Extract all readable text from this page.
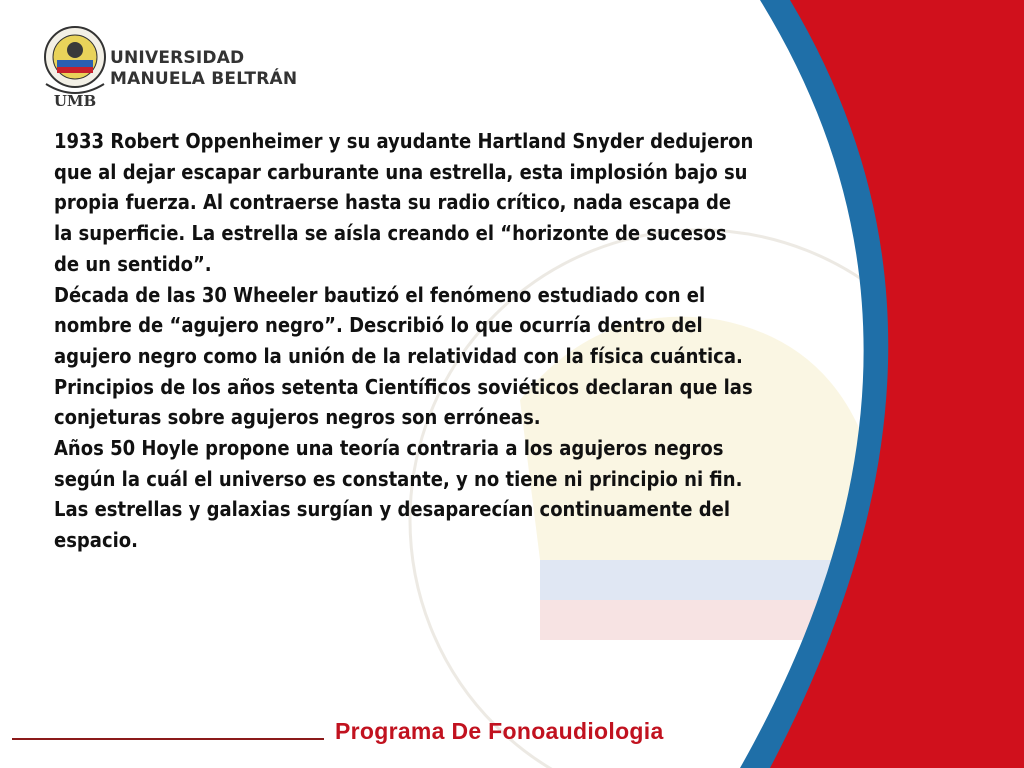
UMB
UNIVERSIDAD
MANUELA BELTRÁN

1933 Robert Oppenheimer y su ayudante Hartland Snyder dedujeron que al dejar escapar carburante una estrella, esta implosión bajo su propia fuerza. Al contraerse hasta su radio crítico, nada escapa de la superficie. La estrella se aísla creando el “horizonte de sucesos de un sentido”.

Década de las 30 Wheeler bautizó el fenómeno estudiado con el nombre de “agujero negro”. Describió lo que ocurría dentro del agujero negro como la unión de la relatividad con la física cuántica.

Principios de los años setenta Científicos soviéticos declaran que las conjeturas sobre agujeros negros son erróneas.

Años 50 Hoyle propone una teoría contraria a los agujeros negros según la cuál el universo es constante, y no tiene ni principio ni fin. Las estrellas y galaxias surgían y desaparecían continuamente del espacio.

Programa De Fonoaudiologia
